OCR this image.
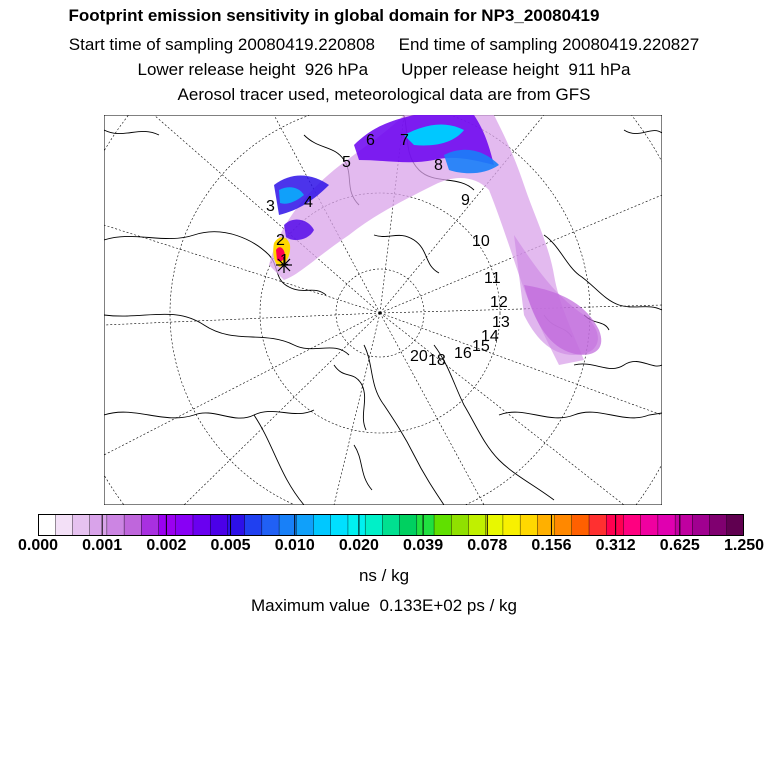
Footprint emission sensitivity in global domain for NP3_20080419
Start time of sampling 20080419.220808     End time of sampling 20080419.220827
Lower release height  926 hPa       Upper release height  911 hPa
Aerosol tracer used, meteorological data are from GFS
1
2
3 4
5
6 7
8
9
10
11
12
13
14
15
16
18
20
0.000 0.001 0.002 0.005 0.010 0.020 0.039 0.078 0.156 0.312 0.625 1.250
ns / kg
Maximum value  0.133E+02 ps / kg
